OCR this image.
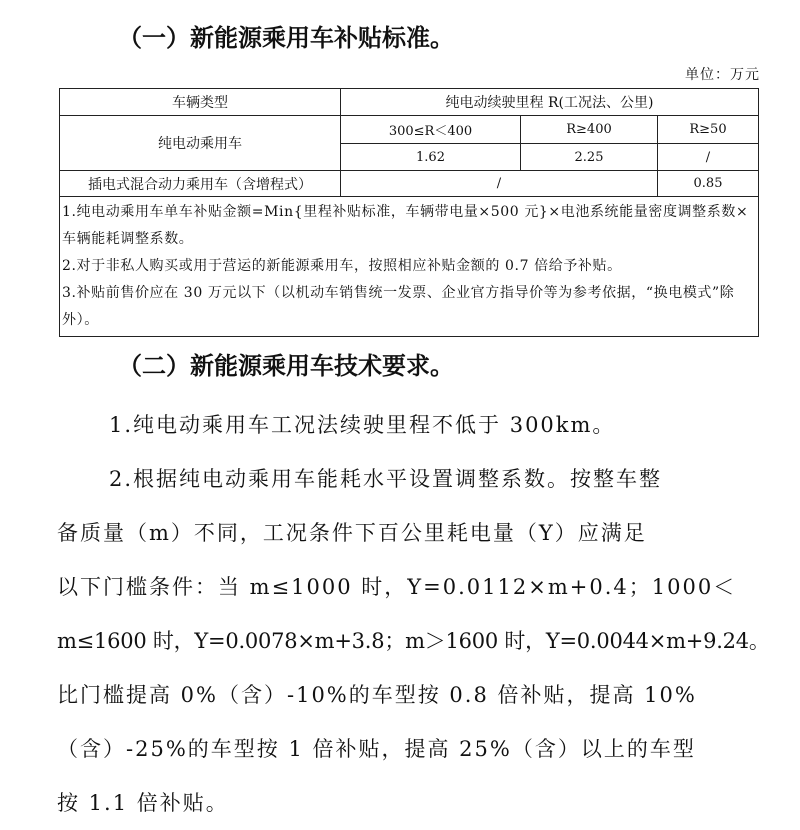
（一）新能源乘用车补贴标准。
单位：万元
车辆类型	纯电动续驶里程 R(工况法、公里)		
纯电动乘用车	300≤R＜400	R≥400	R≥50
	1.62	2.25	/
插电式混合动力乘用车（含增程式）	/		0.85

1.纯电动乘用车单车补贴金额=Min{里程补贴标准，车辆带电量×500 元}×电池系统能量密度调整系数×车辆能耗调整系数。

2.对于非私人购买或用于营运的新能源乘用车，按照相应补贴金额的 0.7 倍给予补贴。

3.补贴前售价应在 30 万元以下（以机动车销售统一发票、企业官方指导价等为参考依据，“换电模式”除外）。			

（二）新能源乘用车技术要求。

1.纯电动乘用车工况法续驶里程不低于 300km。

2.根据纯电动乘用车能耗水平设置调整系数。按整车整

备质量（m）不同，工况条件下百公里耗电量（Y）应满足

以下门槛条件：当 m≤1000 时，Y=0.0112×m+0.4；1000＜

m≤1600 时，Y=0.0078×m+3.8；m＞1600 时，Y=0.0044×m+9.24。

比门槛提高 0%（含）-10%的车型按 0.8 倍补贴，提高 10%

（含）-25%的车型按 1 倍补贴，提高 25%（含）以上的车型

按 1.1 倍补贴。
